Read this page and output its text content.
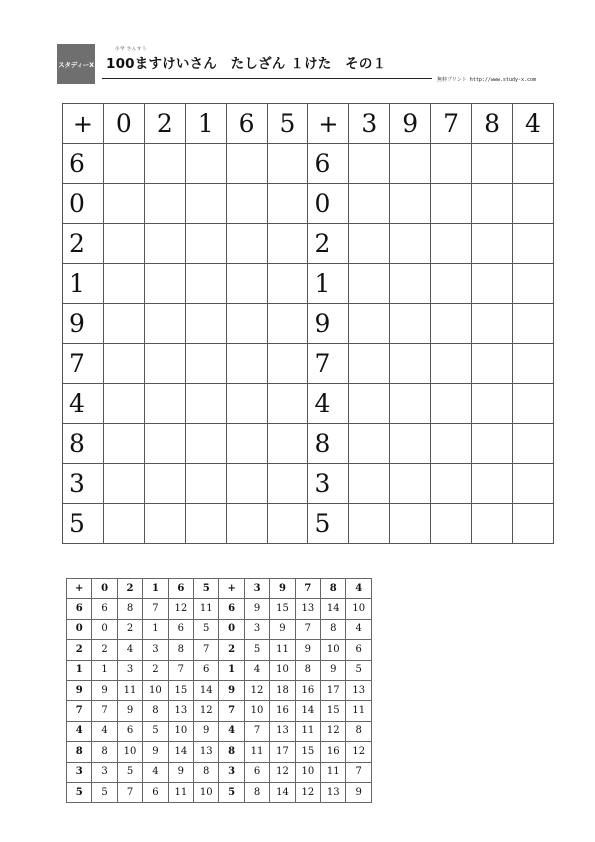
スタディーX
小学 さんすう
100ますけいさん　たしざん １けた　その１
無料プリント http://www.study-x.com
+	0	2	1	6	5	+	3	9	7	8	4
6						6					
0						0					
2						2					
1						1					
9						9					
7						7					
4						4					
8						8					
3						3					
5						5					
+	0	2	1	6	5	+	3	9	7	8	4
6	6	8	7	12	11	6	9	15	13	14	10
0	0	2	1	6	5	0	3	9	7	8	4
2	2	4	3	8	7	2	5	11	9	10	6
1	1	3	2	7	6	1	4	10	8	9	5
9	9	11	10	15	14	9	12	18	16	17	13
7	7	9	8	13	12	7	10	16	14	15	11
4	4	6	5	10	9	4	7	13	11	12	8
8	8	10	9	14	13	8	11	17	15	16	12
3	3	5	4	9	8	3	6	12	10	11	7
5	5	7	6	11	10	5	8	14	12	13	9
